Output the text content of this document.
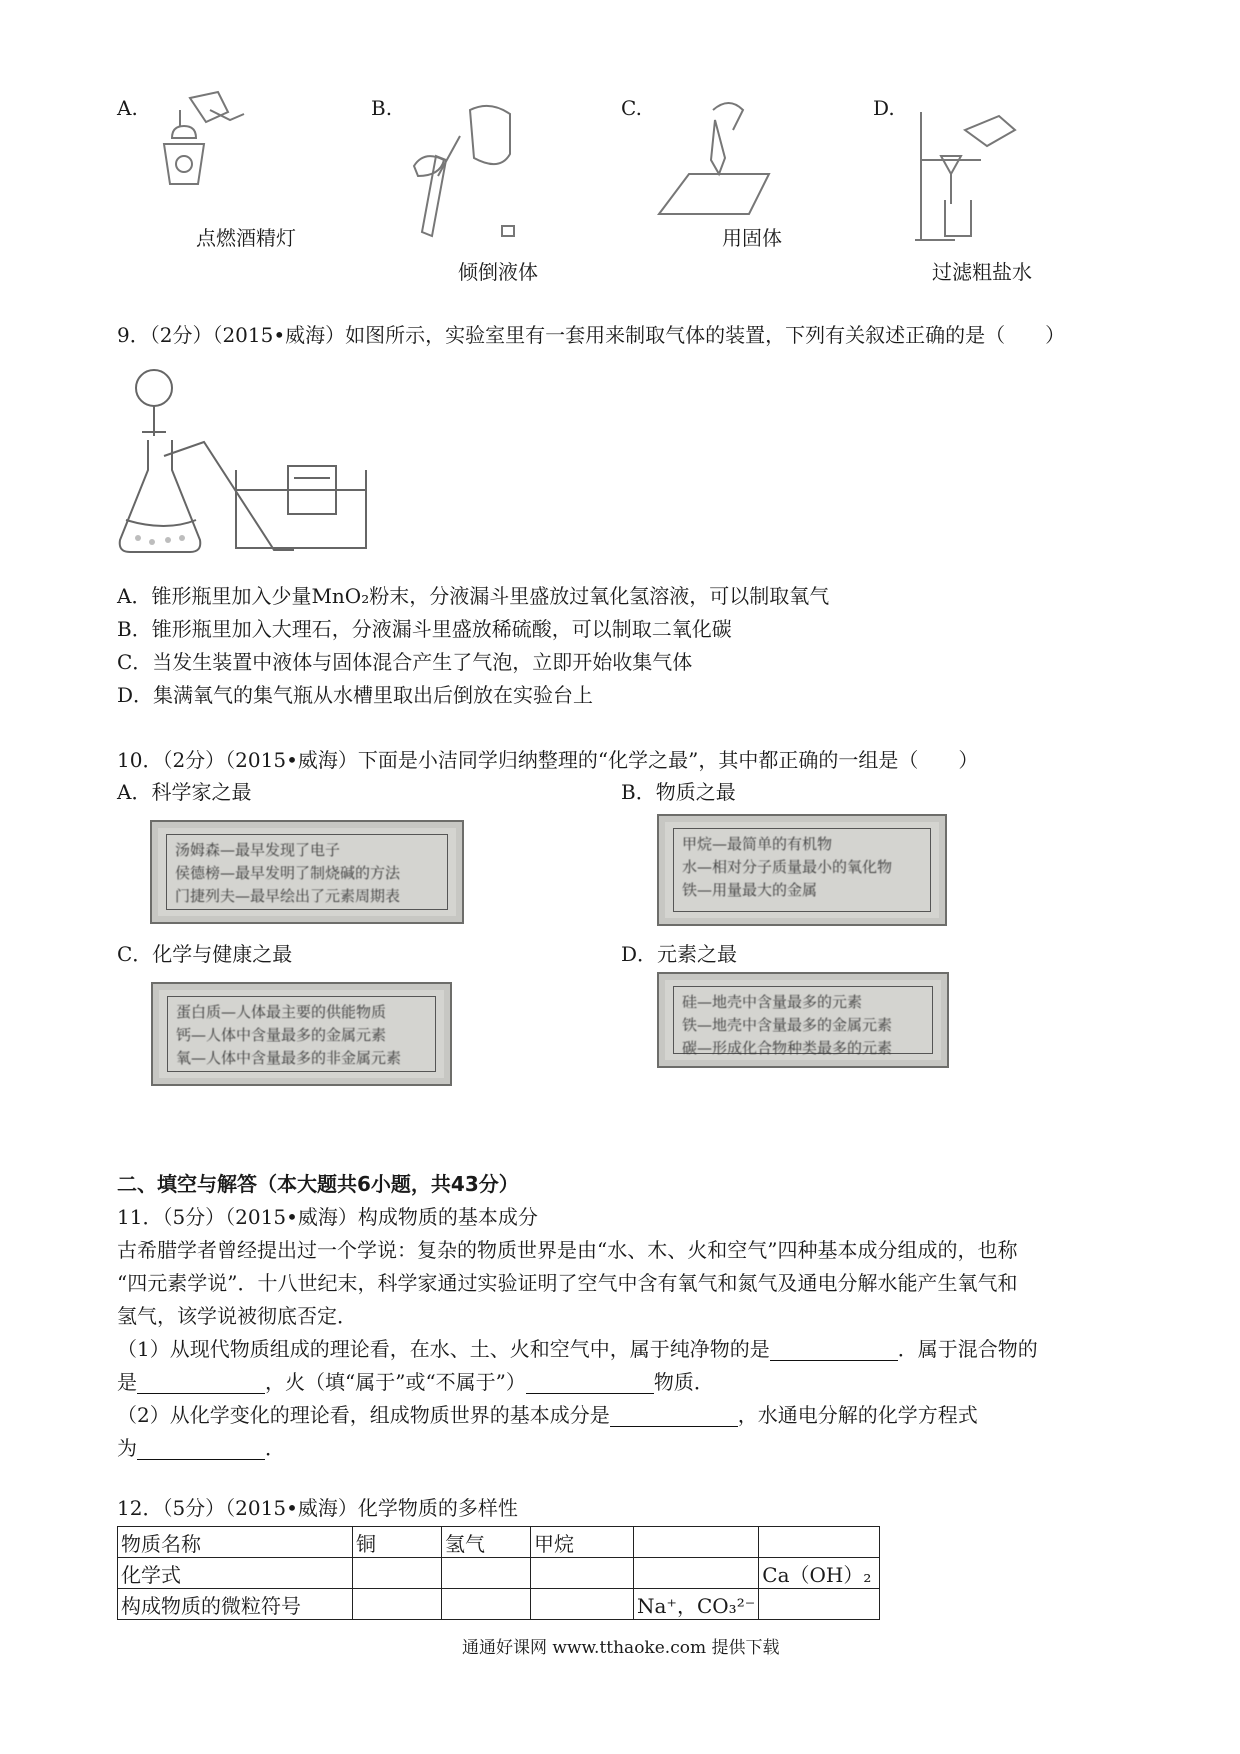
A.
点燃酒精灯
B.
倾倒液体
C.
用固体
D.
过滤粗盐水
9．（2分）（2015•威海）如图所示，实验室里有一套用来制取气体的装置，下列有关叙述正确的是（　　）
A．锥形瓶里加入少量MnO₂粉末，分液漏斗里盛放过氧化氢溶液，可以制取氧气
B．锥形瓶里加入大理石，分液漏斗里盛放稀硫酸，可以制取二氧化碳
C．当发生装置中液体与固体混合产生了气泡，立即开始收集气体
D．集满氧气的集气瓶从水槽里取出后倒放在实验台上
10．（2分）（2015•威海）下面是小洁同学归纳整理的“化学之最”，其中都正确的一组是（　　）
A．科学家之最
汤姆森—最早发现了电子
侯德榜—最早发明了制烧碱的方法
门捷列夫—最早绘出了元素周期表
B．物质之最
甲烷—最简单的有机物
水—相对分子质量最小的氧化物
铁—用量最大的金属
C．化学与健康之最
蛋白质—人体最主要的供能物质
钙—人体中含量最多的金属元素
氧—人体中含量最多的非金属元素
D．元素之最
硅—地壳中含量最多的元素
铁—地壳中含量最多的金属元素
碳—形成化合物种类最多的元素
二、填空与解答（本大题共6小题，共43分）
11．（5分）（2015•威海）构成物质的基本成分
古希腊学者曾经提出过一个学说：复杂的物质世界是由“水、木、火和空气”四种基本成分组成的，也称
“四元素学说”．十八世纪末，科学家通过实验证明了空气中含有氧气和氮气及通电分解水能产生氧气和
氢气，该学说被彻底否定．
（1）从现代物质组成的理论看，在水、土、火和空气中，属于纯净物的是	．属于混合物的
是	，火（填“属于”或“不属于”）	物质．
（2）从化学变化的理论看，组成物质世界的基本成分是	，水通电分解的化学方程式
为	．
12．（5分）（2015•威海）化学物质的多样性
物质名称	铜	氢气	甲烷		
化学式					Ca（OH）₂
构成物质的微粒符号				Na⁺，CO₃²⁻	
通通好课网 www.tthaoke.com 提供下载
